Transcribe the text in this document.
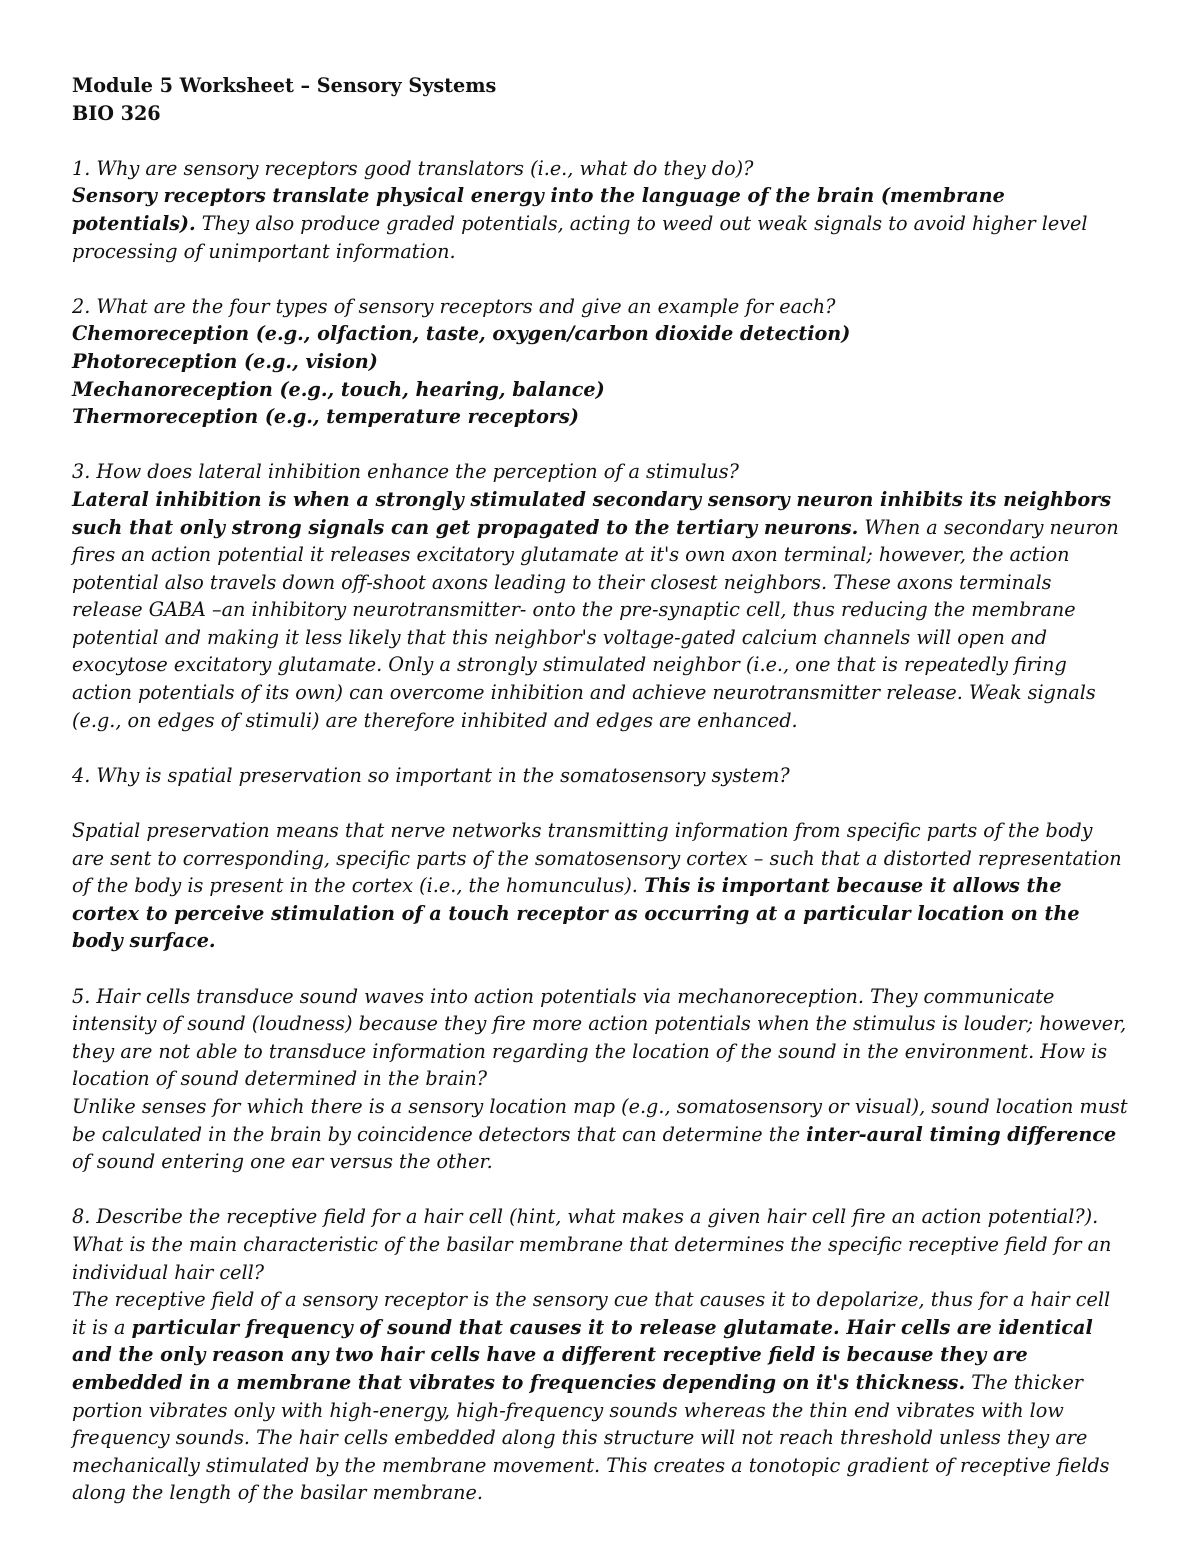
Module 5 Worksheet – Sensory Systems

BIO 326

1. Why are sensory receptors good translators (i.e., what do they do)?

Sensory receptors translate physical energy into the language of the brain (membrane potentials). They also produce graded potentials, acting to weed out weak signals to avoid higher level processing of unimportant information.

2. What are the four types of sensory receptors and give an example for each?

Chemoreception (e.g., olfaction, taste, oxygen/carbon dioxide detection)

Photoreception (e.g., vision)

Mechanoreception (e.g., touch, hearing, balance)

Thermoreception (e.g., temperature receptors)

3. How does lateral inhibition enhance the perception of a stimulus?

Lateral inhibition is when a strongly stimulated secondary sensory neuron inhibits its neighbors such that only strong signals can get propagated to the tertiary neurons. When a secondary neuron fires an action potential it releases excitatory glutamate at it's own axon terminal; however, the action potential also travels down off-shoot axons leading to their closest neighbors. These axons terminals release GABA –an inhibitory neurotransmitter- onto the pre-synaptic cell, thus reducing the membrane potential and making it less likely that this neighbor's voltage-gated calcium channels will open and exocytose excitatory glutamate. Only a strongly stimulated neighbor (i.e., one that is repeatedly firing action potentials of its own) can overcome inhibition and achieve neurotransmitter release. Weak signals (e.g., on edges of stimuli) are therefore inhibited and edges are enhanced.

4. Why is spatial preservation so important in the somatosensory system?

Spatial preservation means that nerve networks transmitting information from specific parts of the body are sent to corresponding, specific parts of the somatosensory cortex – such that a distorted representation of the body is present in the cortex (i.e., the homunculus). This is important because it allows the cortex to perceive stimulation of a touch receptor as occurring at a particular location on the body surface.

5. Hair cells transduce sound waves into action potentials via mechanoreception. They communicate intensity of sound (loudness) because they fire more action potentials when the stimulus is louder; however, they are not able to transduce information regarding the location of the sound in the environment. How is location of sound determined in the brain?

Unlike senses for which there is a sensory location map (e.g., somatosensory or visual), sound location must be calculated in the brain by coincidence detectors that can determine the inter-aural timing difference of sound entering one ear versus the other.

8. Describe the receptive field for a hair cell (hint, what makes a given hair cell fire an action potential?). What is the main characteristic of the basilar membrane that determines the specific receptive field for an individual hair cell?

The receptive field of a sensory receptor is the sensory cue that causes it to depolarize, thus for a hair cell it is a particular frequency of sound that causes it to release glutamate. Hair cells are identical and the only reason any two hair cells have a different receptive field is because they are embedded in a membrane that vibrates to frequencies depending on it's thickness. The thicker portion vibrates only with high-energy, high-frequency sounds whereas the thin end vibrates with low frequency sounds. The hair cells embedded along this structure will not reach threshold unless they are mechanically stimulated by the membrane movement. This creates a tonotopic gradient of receptive fields along the length of the basilar membrane.
